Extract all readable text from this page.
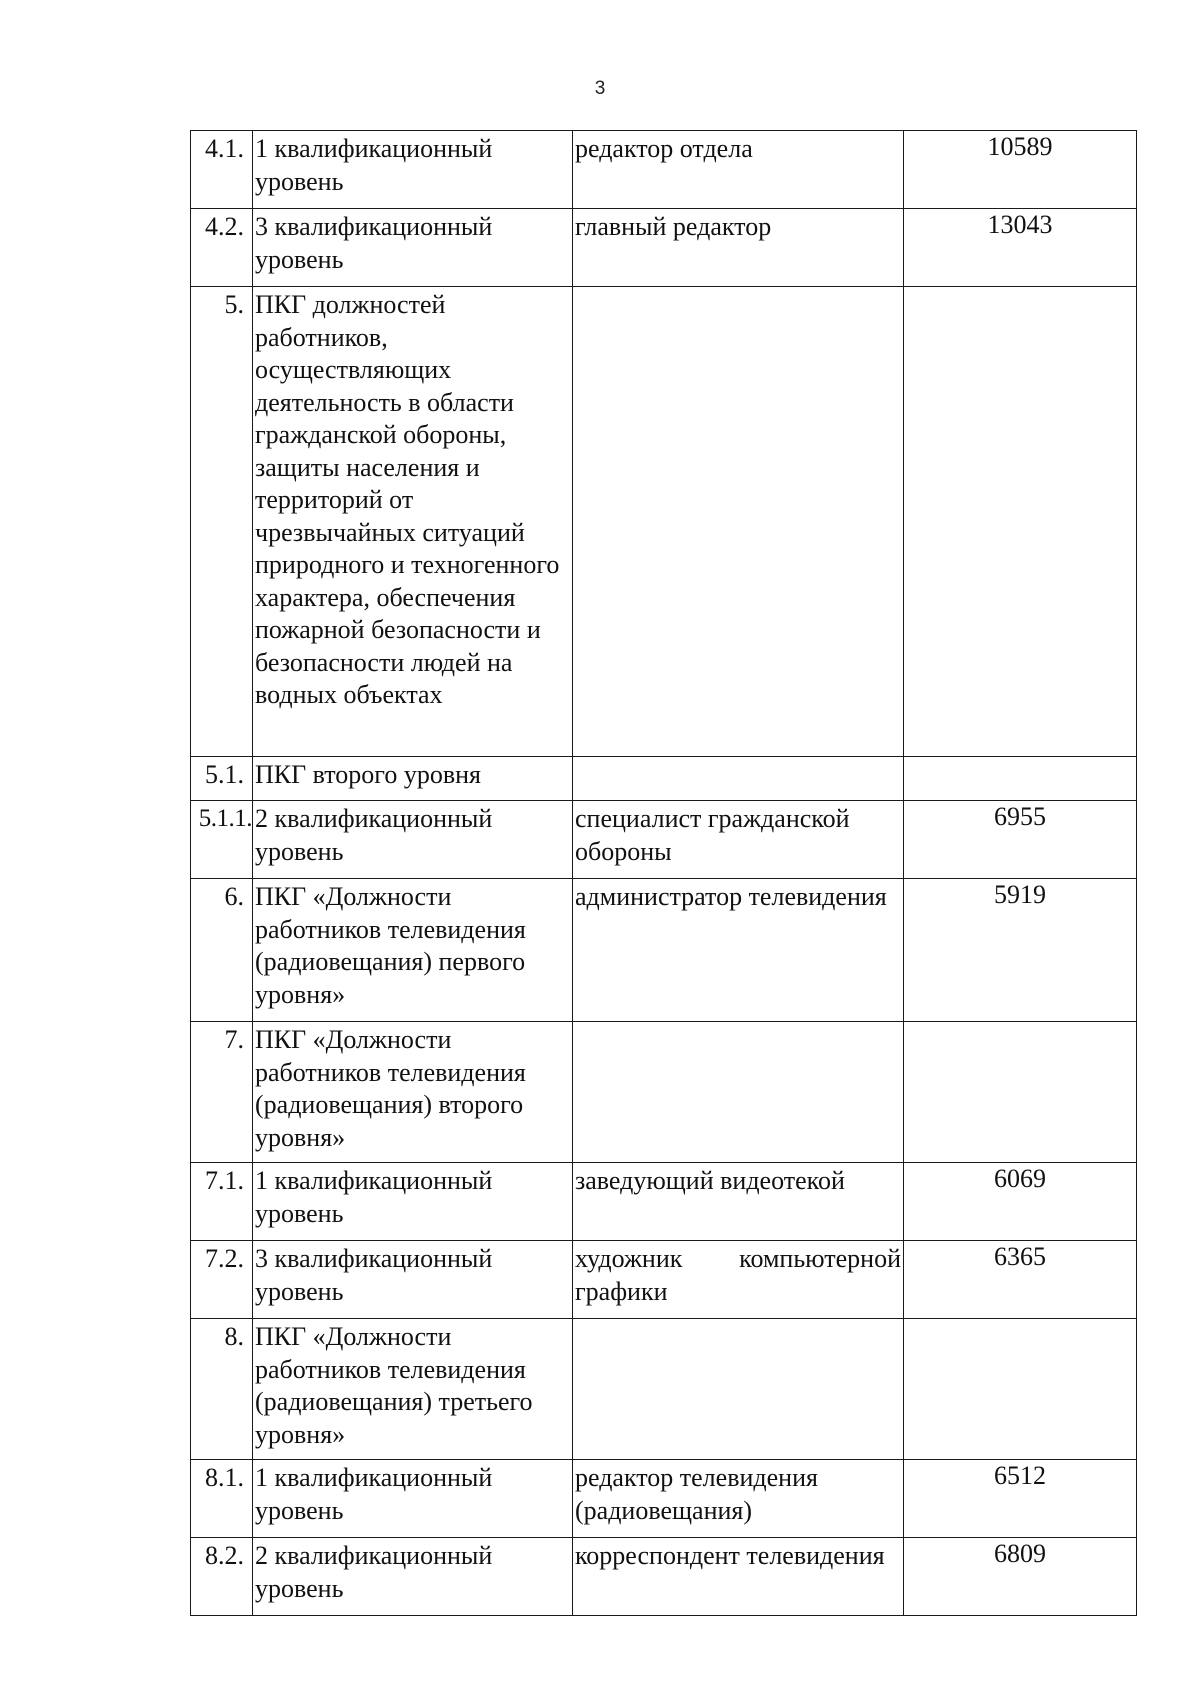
3
4.1.	1 квалификационный уровень	редактор отдела	10589
4.2.	3 квалификационный уровень	главный редактор	13043
5.	ПКГ должностей работников, осуществляющих деятельность в области гражданской обороны, защиты населения и территорий от чрезвычайных ситуаций природного и техногенного характера, обеспечения пожарной безопасности и безопасности людей на водных объектах		
5.1.	ПКГ второго уровня		
5.1.1.	2 квалификационный уровень	специалист гражданской обороны	6955
6.	ПКГ «Должности работников телевидения (радиовещания) первого уровня»	администратор телевидения	5919
7.	ПКГ «Должности работников телевидения (радиовещания) второго уровня»		
7.1.	1 квалификационный уровень	заведующий видеотекой	6069
7.2.	3 квалификационный уровень	художник компьютерной графики	6365
8.	ПКГ «Должности работников телевидения (радиовещания) третьего уровня»		
8.1.	1 квалификационный уровень	редактор телевидения (радиовещания)	6512
8.2.	2 квалификационный уровень	корреспондент телевидения	6809
